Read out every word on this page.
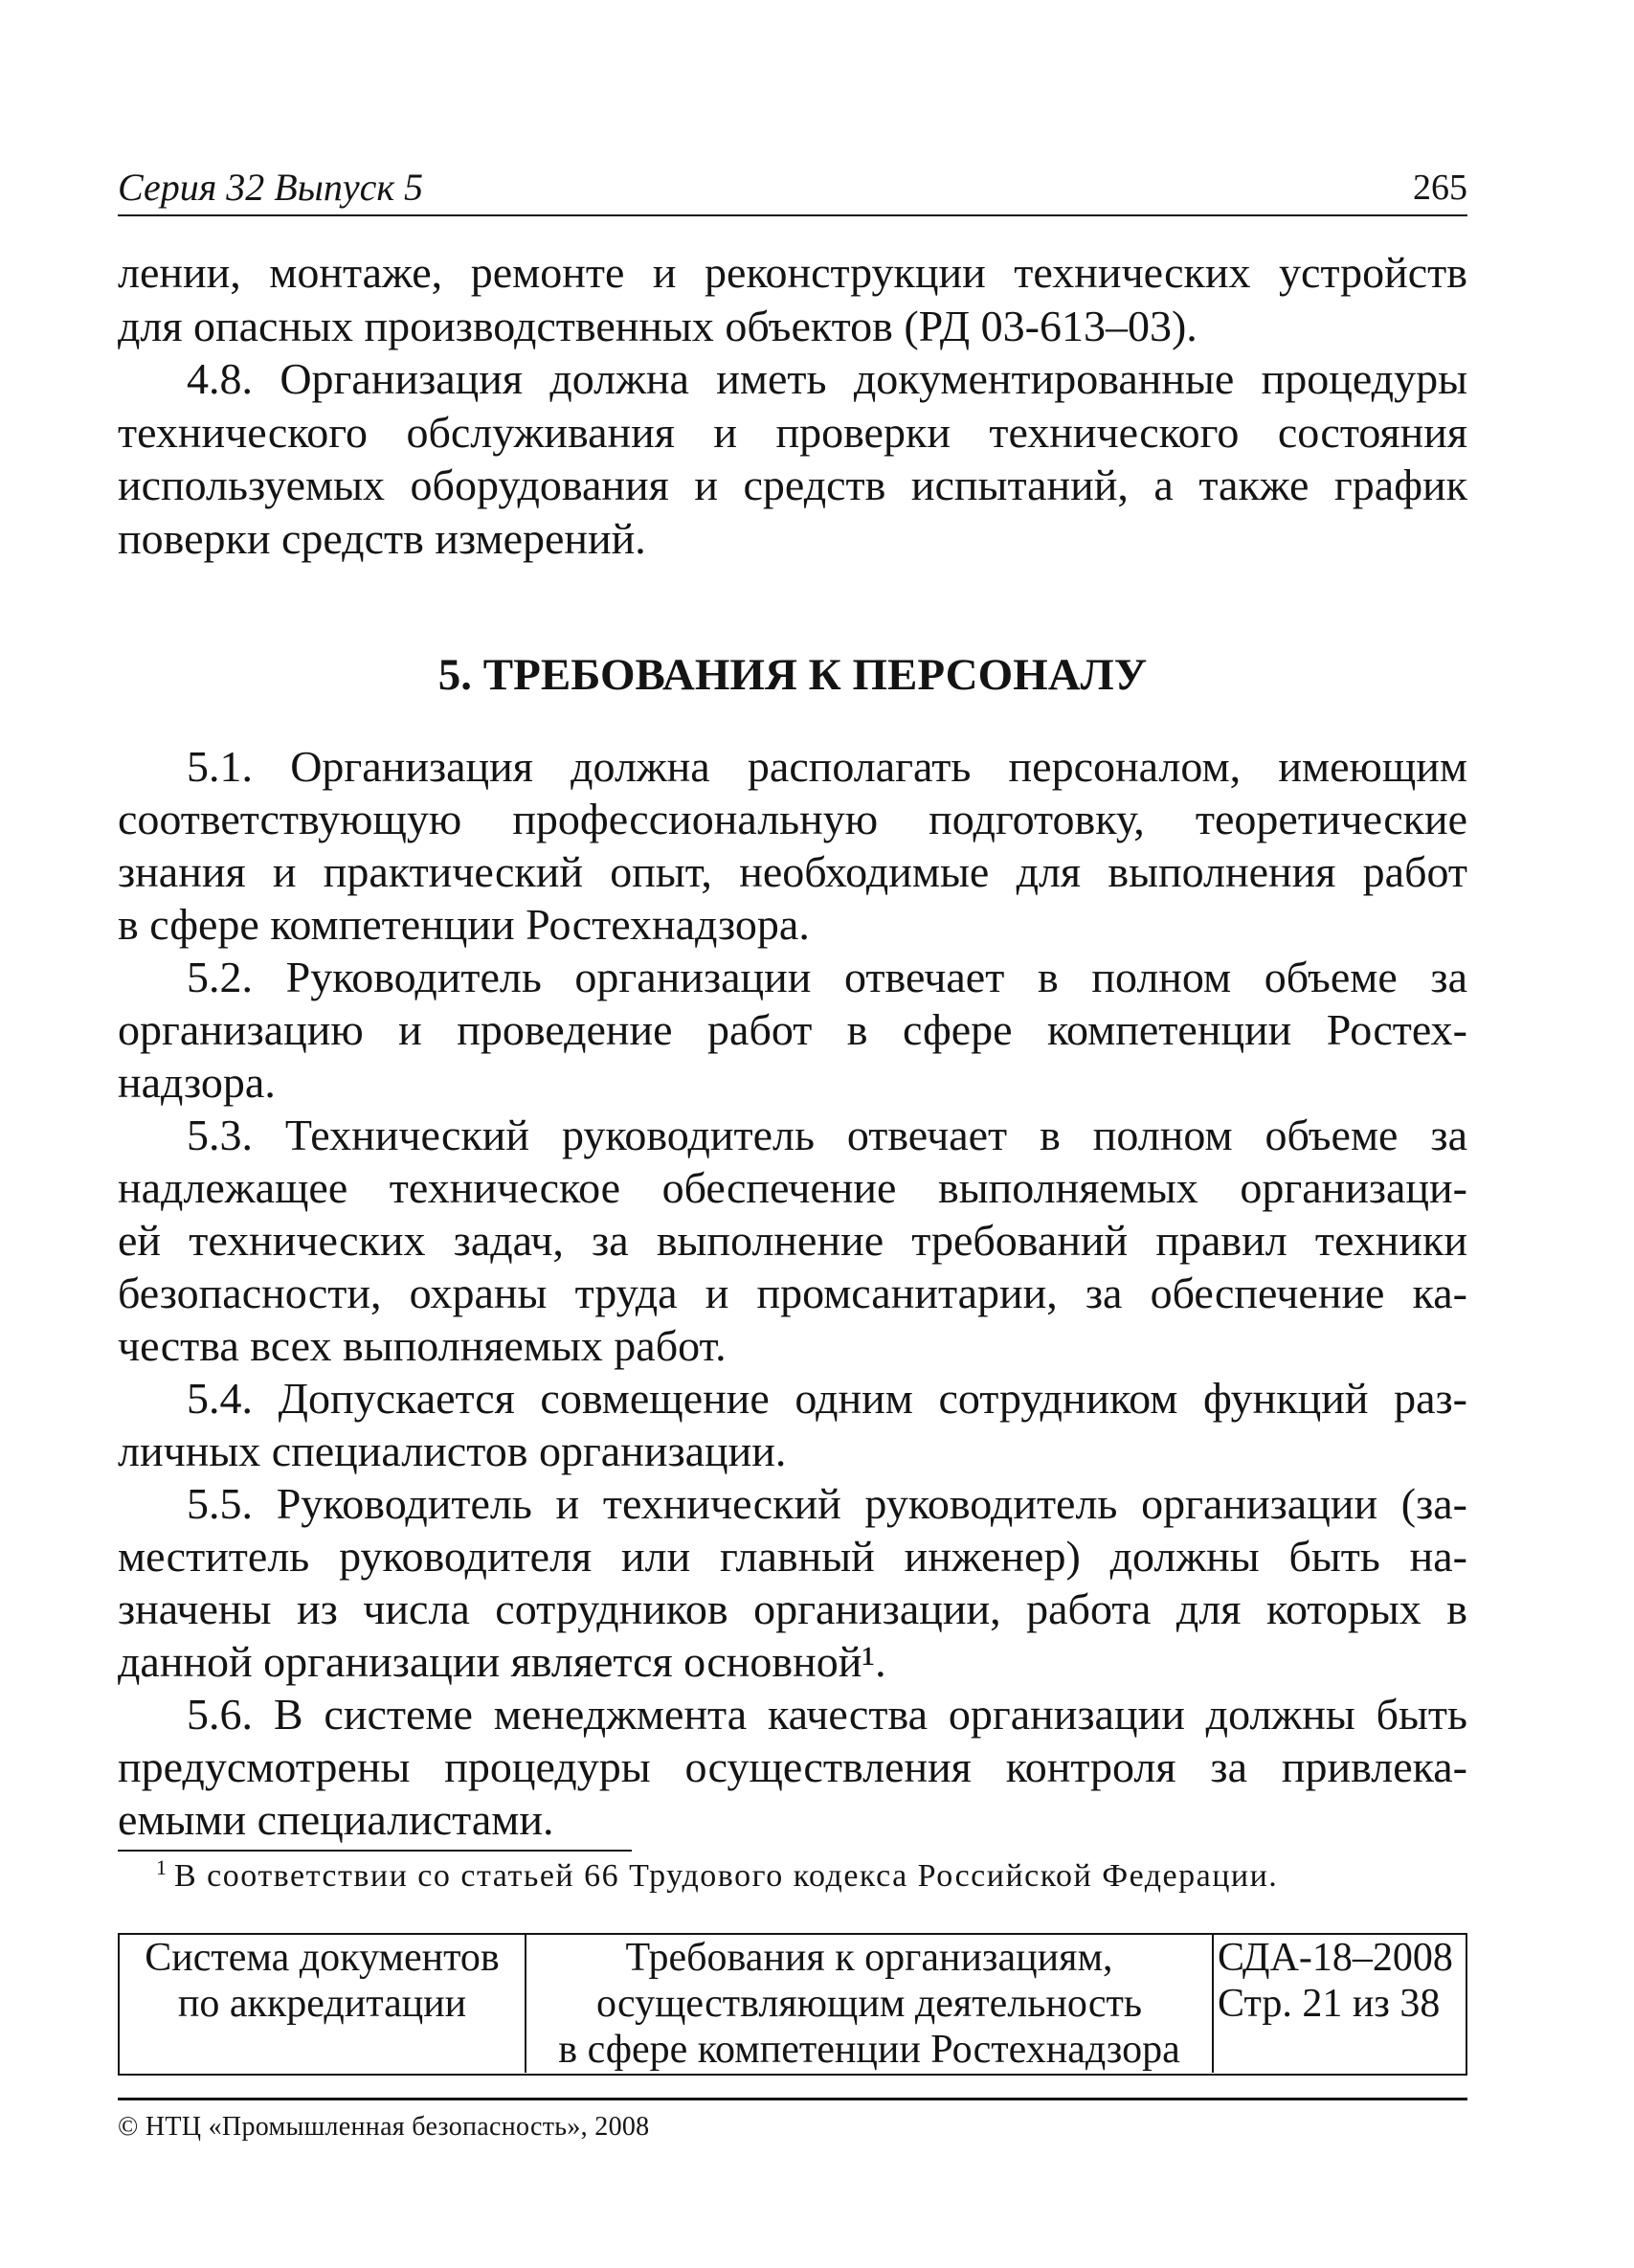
Серия 32 Выпуск 5	265
лении, монтаже, ремонте и реконструкции технических устройств
для опасных производственных объектов (РД 03-613–03).
4.8. Организация должна иметь документированные процедуры
технического обслуживания и проверки технического состояния
используемых оборудования и средств испытаний, а также график
поверки средств измерений.
5. ТРЕБОВАНИЯ К ПЕРСОНАЛУ
5.1. Организация должна располагать персоналом, имеющим
соответствующую профессиональную подготовку, теоретические
знания и практический опыт, необходимые для выполнения работ
в сфере компетенции Ростехнадзора.
5.2. Руководитель организации отвечает в полном объеме за
организацию и проведение работ в сфере компетенции Ростех-
надзора.
5.3. Технический руководитель отвечает в полном объеме за
надлежащее техническое обеспечение выполняемых организаци-
ей технических задач, за выполнение требований правил техники
безопасности, охраны труда и промсанитарии, за обеспечение ка-
чества всех выполняемых работ.
5.4. Допускается совмещение одним сотрудником функций раз-
личных специалистов организации.
5.5. Руководитель и технический руководитель организации (за-
меститель руководителя или главный инженер) должны быть на-
значены из числа сотрудников организации, работа для которых в
данной организации является основной¹.
5.6. В системе менеджмента качества организации должны быть
предусмотрены процедуры осуществления контроля за привлека-
емыми специалистами.
$^1$ В соответствии со статьей 66 Трудового кодекса Российской Федерации.
Система документов
по аккредитации
Требования к организациям,
осуществляющим деятельность
в сфере компетенции Ростехнадзора
СДА-18–2008
Стр. 21 из 38
© НТЦ «Промышленная безопасность», 2008
